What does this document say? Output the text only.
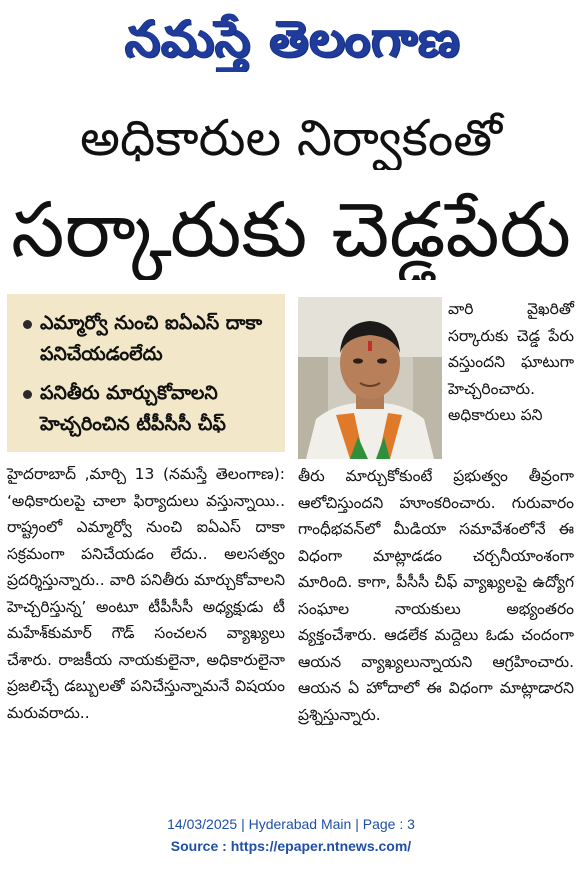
నమస్తే తెలంగాణ
అధికారుల నిర్వాకంతో
సర్కారుకు చెడ్డపేరు
ఎమ్మార్వో నుంచి ఐఏఎస్ దాకా పనిచేయడంలేదు
పనితీరు మార్చుకోవాలని హెచ్చరించిన టీపీసీసీ చీఫ్
వారి వైఖరితో సర్కారుకు చెడ్డ పేరు వస్తుందని ఘాటుగా హెచ్చరించారు. అధికారులు పని
హైదరాబాద్ ,మార్చి 13 (నమస్తే తెలంగాణ): ‘అధికారులపై చాలా ఫిర్యాదులు వస్తున్నాయి.. రాష్ట్రంలో ఎమ్మార్వో నుంచి ఐఏఎస్ దాకా సక్రమంగా పనిచేయడం లేదు.. అలసత్వం ప్రదర్శిస్తున్నారు.. వారి పనితీరు మార్చుకోవాలని హెచ్చరిస్తున్న’ అంటూ టీపీసీసీ అధ్యక్షుడు టీ మహేశ్‌కుమార్ గౌడ్ సంచలన వ్యాఖ్యలు చేశారు. రాజకీయ నాయకులైనా, అధికారులైనా ప్రజలిచ్చే డబ్బులతో పనిచేస్తున్నామనే విషయం మరువరాదు..
తీరు మార్చుకోకుంటే ప్రభుత్వం తీవ్రంగా ఆలోచిస్తుందని హూంకరించారు. గురువారం గాంధీభవన్‌లో మీడియా సమావేశంలోనే ఈ విధంగా మాట్లాడడం చర్చనీయాంశంగా మారింది. కాగా, పీసీసీ చీఫ్ వ్యాఖ్యలపై ఉద్యోగ సంఘాల నాయకులు అభ్యంతరం వ్యక్తంచేశారు. ఆడలేక మద్దెలు ఓడు చందంగా ఆయన వ్యాఖ్యలున్నాయని ఆగ్రహించారు. ఆయన ఏ హోదాలో ఈ విధంగా మాట్లాడారని ప్రశ్నిస్తున్నారు.
14/03/2025 | Hyderabad Main | Page : 3
Source : https://epaper.ntnews.com/
